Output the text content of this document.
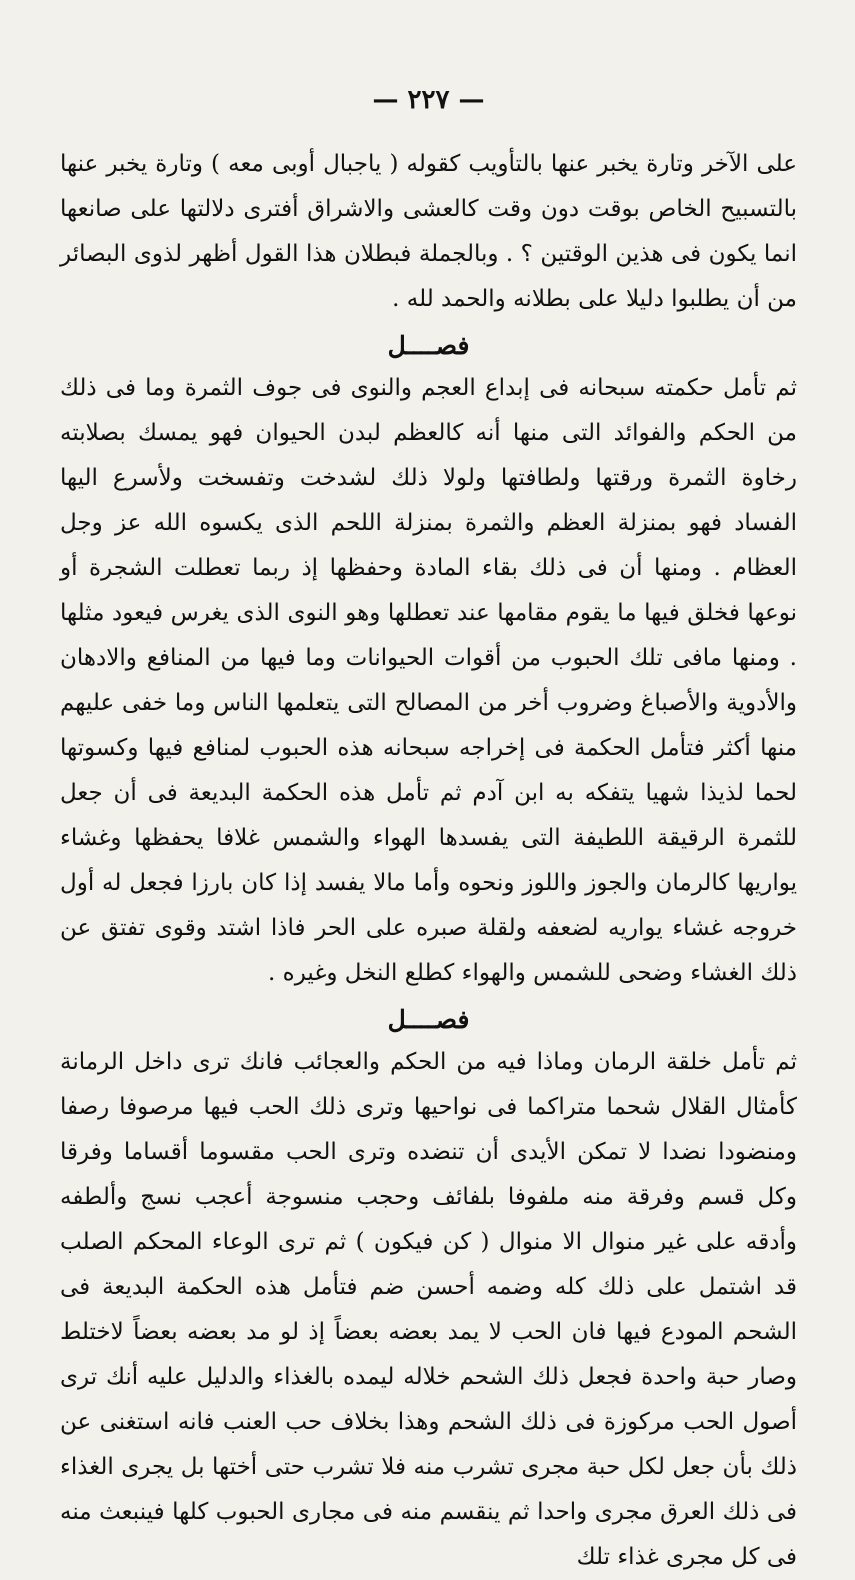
— ٢٢٧ —

على الآخر وتارة يخبر عنها بالتأويب كقوله ( ياجبال أوبى معه ) وتارة يخبر عنها بالتسبيح الخاص بوقت دون وقت كالعشى والاشراق أفترى دلالتها على صانعها انما يكون فى هذين الوقتين ؟ . وبالجملة فبطلان هذا القول أظهر لذوى البصائر من أن يطلبوا دليلا على بطلانه والحمد لله .

فصــــل

ثم تأمل حكمته سبحانه فى إبداع العجم والنوى فى جوف الثمرة وما فى ذلك من الحكم والفوائد التى منها أنه كالعظم لبدن الحيوان فهو يمسك بصلابته رخاوة الثمرة ورقتها ولطافتها ولولا ذلك لشدخت وتفسخت ولأسرع اليها الفساد فهو بمنزلة العظم والثمرة بمنزلة اللحم الذى يكسوه الله عز وجل العظام . ومنها أن فى ذلك بقاء المادة وحفظها إذ ربما تعطلت الشجرة أو نوعها فخلق فيها ما يقوم مقامها عند تعطلها وهو النوى الذى يغرس فيعود مثلها . ومنها مافى تلك الحبوب من أقوات الحيوانات وما فيها من المنافع والادهان والأدوية والأصباغ وضروب أخر من المصالح التى يتعلمها الناس وما خفى عليهم منها أكثر فتأمل الحكمة فى إخراجه سبحانه هذه الحبوب لمنافع فيها وكسوتها لحما لذيذا شهيا يتفكه به ابن آدم ثم تأمل هذه الحكمة البديعة فى أن جعل للثمرة الرقيقة اللطيفة التى يفسدها الهواء والشمس غلافا يحفظها وغشاء يواريها كالرمان والجوز واللوز ونحوه وأما مالا يفسد إذا كان بارزا فجعل له أول خروجه غشاء يواريه لضعفه ولقلة صبره على الحر فاذا اشتد وقوى تفتق عن ذلك الغشاء وضحى للشمس والهواء كطلع النخل وغيره .

فصــــل

ثم تأمل خلقة الرمان وماذا فيه من الحكم والعجائب فانك ترى داخل الرمانة كأمثال القلال شحما متراكما فى نواحيها وترى ذلك الحب فيها مرصوفا رصفا ومنضودا نضدا لا تمكن الأيدى أن تنضده وترى الحب مقسوما أقساما وفرقا وكل قسم وفرقة منه ملفوفا بلفائف وحجب منسوجة أعجب نسج وألطفه وأدقه على غير منوال الا منوال ( كن فيكون ) ثم ترى الوعاء المحكم الصلب قد اشتمل على ذلك كله وضمه أحسن ضم فتأمل هذه الحكمة البديعة فى الشحم المودع فيها فان الحب لا يمد بعضه بعضاً إذ لو مد بعضه بعضاً لاختلط وصار حبة واحدة فجعل ذلك الشحم خلاله ليمده بالغذاء والدليل عليه أنك ترى أصول الحب مركوزة فى ذلك الشحم وهذا بخلاف حب العنب فانه استغنى عن ذلك بأن جعل لكل حبة مجرى تشرب منه فلا تشرب حتى أختها بل يجرى الغذاء فى ذلك العرق مجرى واحدا ثم ينقسم منه فى مجارى الحبوب كلها فينبعث منه فى كل مجرى غذاء تلك
